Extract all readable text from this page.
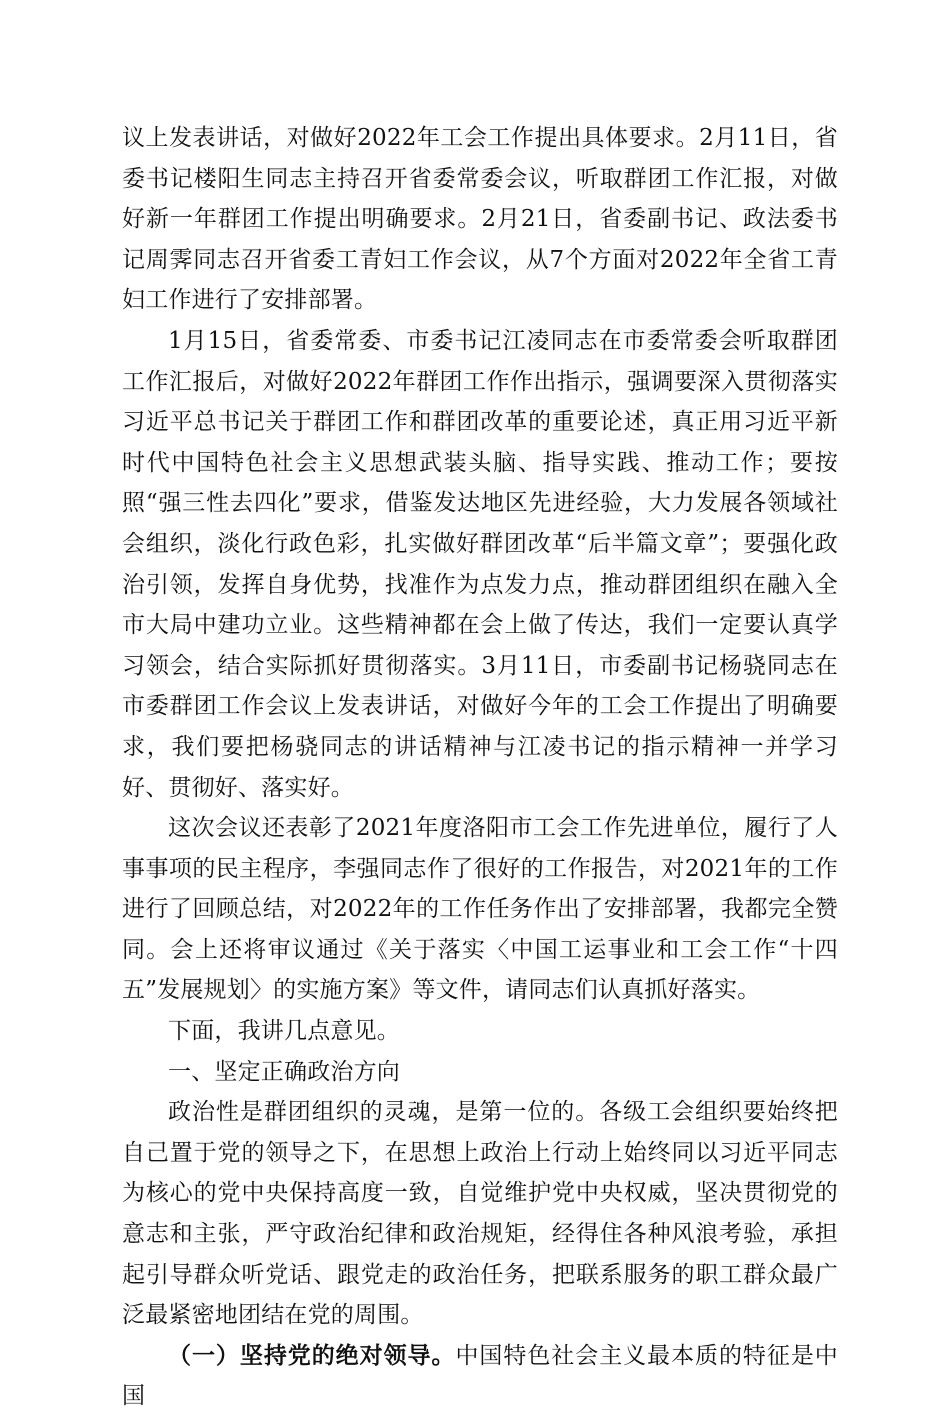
议上发表讲话，对做好2022年工会工作提出具体要求。2月11日，省委书记楼阳生同志主持召开省委常委会议，听取群团工作汇报，对做好新一年群团工作提出明确要求。2月21日，省委副书记、政法委书记周霁同志召开省委工青妇工作会议，从7个方面对2022年全省工青妇工作进行了安排部署。

1月15日，省委常委、市委书记江凌同志在市委常委会听取群团工作汇报后，对做好2022年群团工作作出指示，强调要深入贯彻落实习近平总书记关于群团工作和群团改革的重要论述，真正用习近平新时代中国特色社会主义思想武装头脑、指导实践、推动工作；要按照“强三性去四化”要求，借鉴发达地区先进经验，大力发展各领域社会组织，淡化行政色彩，扎实做好群团改革“后半篇文章”；要强化政治引领，发挥自身优势，找准作为点发力点，推动群团组织在融入全市大局中建功立业。这些精神都在会上做了传达，我们一定要认真学习领会，结合实际抓好贯彻落实。3月11日，市委副书记杨骁同志在市委群团工作会议上发表讲话，对做好今年的工会工作提出了明确要求，我们要把杨骁同志的讲话精神与江凌书记的指示精神一并学习好、贯彻好、落实好。

这次会议还表彰了2021年度洛阳市工会工作先进单位，履行了人事事项的民主程序，李强同志作了很好的工作报告，对2021年的工作进行了回顾总结，对2022年的工作任务作出了安排部署，我都完全赞同。会上还将审议通过《关于落实〈中国工运事业和工会工作“十四五”发展规划〉的实施方案》等文件，请同志们认真抓好落实。

下面，我讲几点意见。

一、坚定正确政治方向

政治性是群团组织的灵魂，是第一位的。各级工会组织要始终把自己置于党的领导之下，在思想上政治上行动上始终同以习近平同志为核心的党中央保持高度一致，自觉维护党中央权威，坚决贯彻党的意志和主张，严守政治纪律和政治规矩，经得住各种风浪考验，承担起引导群众听党话、跟党走的政治任务，把联系服务的职工群众最广泛最紧密地团结在党的周围。

（一）坚持党的绝对领导。中国特色社会主义最本质的特征是中国
